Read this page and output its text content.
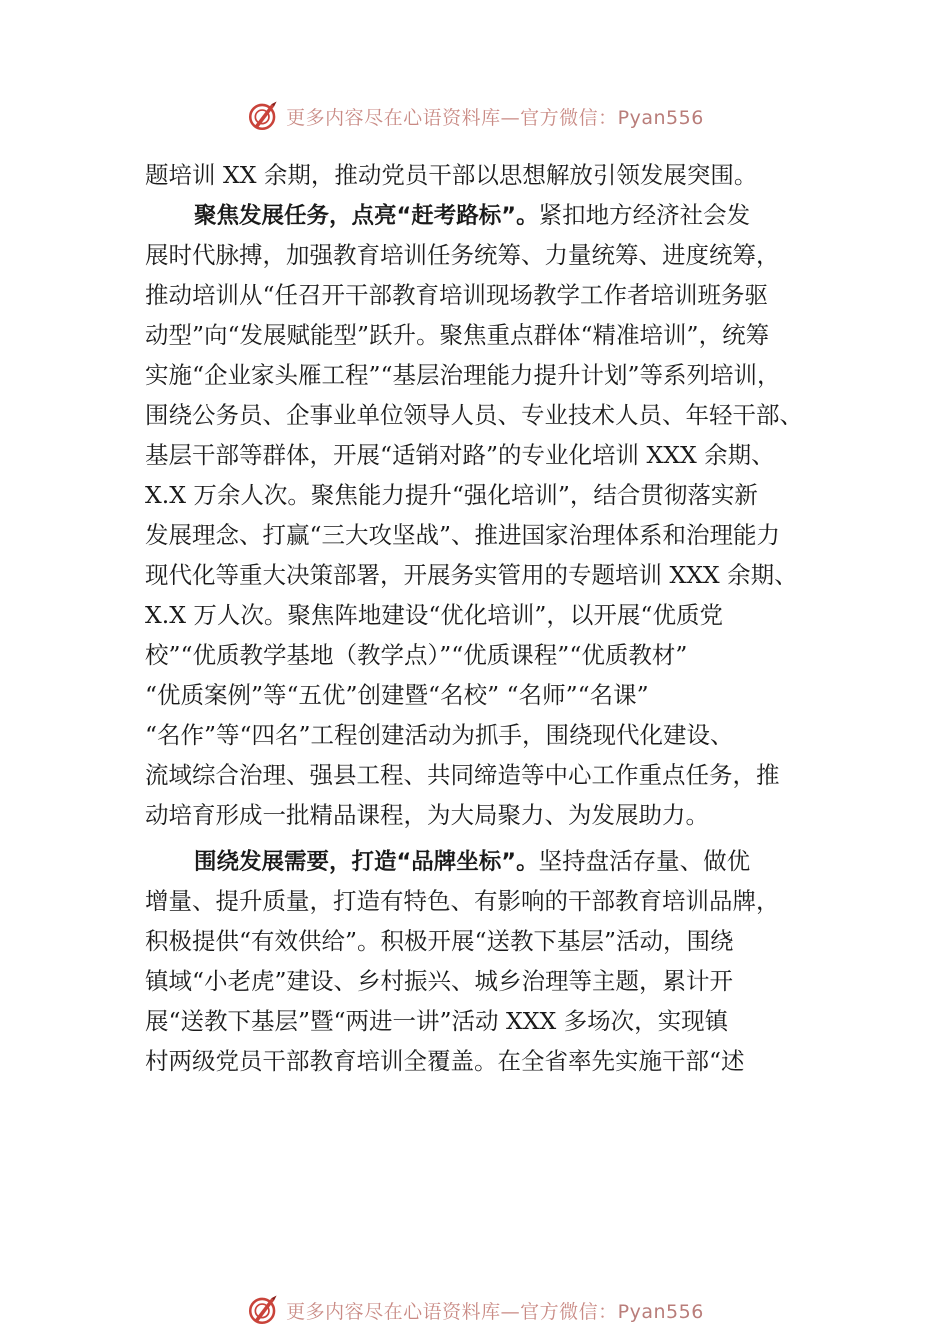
更多内容尽在心语资料库—官方微信：Pyan556
题培训 XX 余期，推动党员干部以思想解放引领发展突围。
聚焦发展任务，点亮“赶考路标”。紧扣地方经济社会发
展时代脉搏，加强教育培训任务统筹、力量统筹、进度统筹，
推动培训从“任召开干部教育培训现场教学工作者培训班务驱
动型”向“发展赋能型”跃升。聚焦重点群体“精准培训”，统筹
实施“企业家头雁工程”“基层治理能力提升计划”等系列培训，
围绕公务员、企事业单位领导人员、专业技术人员、年轻干部、
基层干部等群体，开展“适销对路”的专业化培训 XXX 余期、
X.X 万余人次。聚焦能力提升“强化培训”，结合贯彻落实新
发展理念、打赢“三大攻坚战”、推进国家治理体系和治理能力
现代化等重大决策部署，开展务实管用的专题培训 XXX 余期、
X.X 万人次。聚焦阵地建设“优化培训”，以开展“优质党
校”“优质教学基地（教学点）”“优质课程”“优质教材”
“优质案例”等“五优”创建暨“名校” “名师”“名课”
“名作”等“四名”工程创建活动为抓手，围绕现代化建设、
流域综合治理、强县工程、共同缔造等中心工作重点任务，推
动培育形成一批精品课程，为大局聚力、为发展助力。
围绕发展需要，打造“品牌坐标”。坚持盘活存量、做优
增量、提升质量，打造有特色、有影响的干部教育培训品牌，
积极提供“有效供给”。积极开展“送教下基层”活动，围绕
镇域“小老虎”建设、乡村振兴、城乡治理等主题，累计开
展“送教下基层”暨“两进一讲”活动 XXX 多场次，实现镇
村两级党员干部教育培训全覆盖。在全省率先实施干部“述
更多内容尽在心语资料库—官方微信：Pyan556
